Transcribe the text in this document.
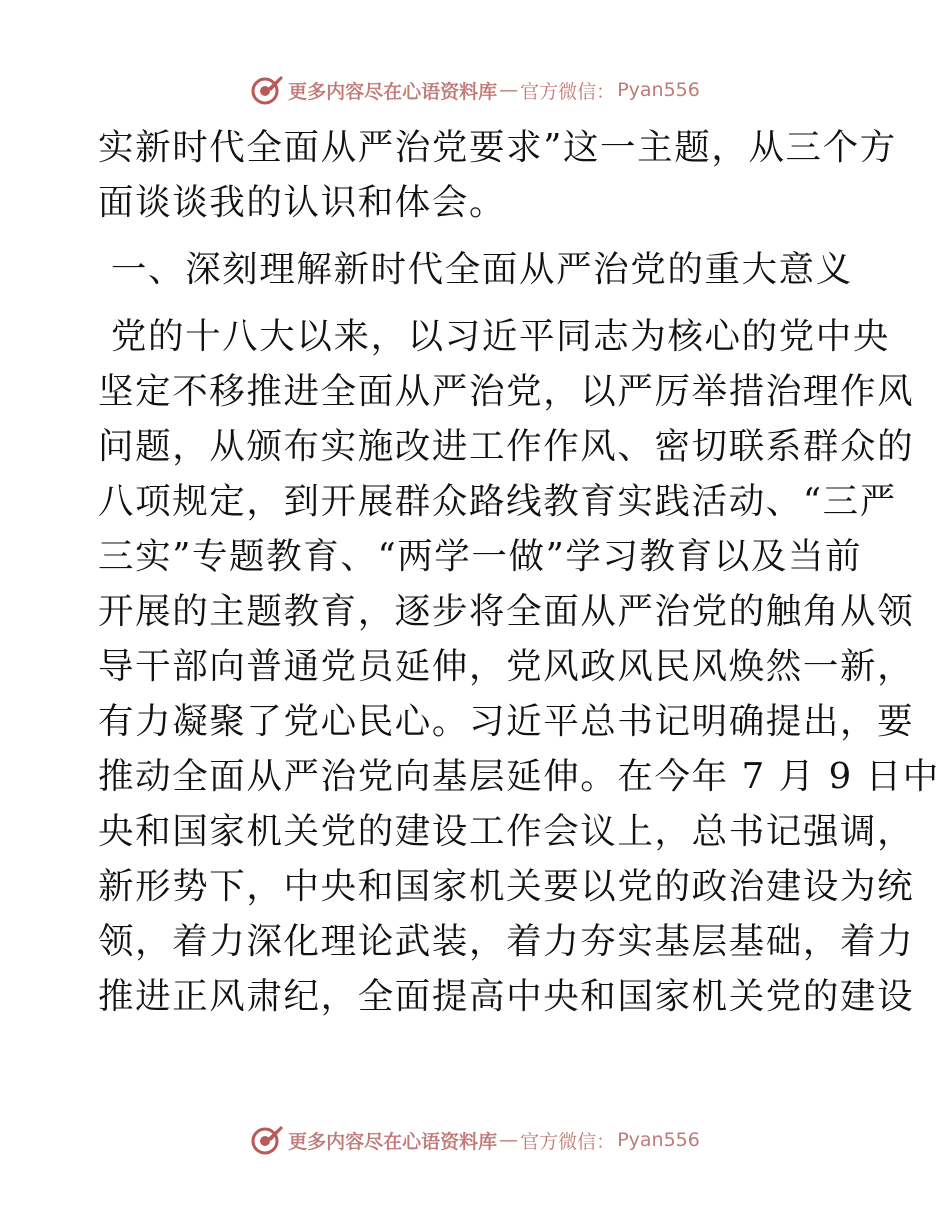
更多内容尽在心语资料库 — 官方微信： Pyan556
实新时代全面从严治党要求”这一主题，从三个方
面谈谈我的认识和体会。
一、深刻理解新时代全面从严治党的重大意义
党的十八大以来，以习近平同志为核心的党中央
坚定不移推进全面从严治党，以严厉举措治理作风
问题，从颁布实施改进工作作风、密切联系群众的
八项规定，到开展群众路线教育实践活动、“三严
三实”专题教育、“两学一做”学习教育以及当前
开展的主题教育，逐步将全面从严治党的触角从领
导干部向普通党员延伸，党风政风民风焕然一新，
有力凝聚了党心民心。习近平总书记明确提出，要
推动全面从严治党向基层延伸。在今年 7 月 9 日中
央和国家机关党的建设工作会议上，总书记强调，
新形势下，中央和国家机关要以党的政治建设为统
领，着力深化理论武装，着力夯实基层基础，着力
推进正风肃纪，全面提高中央和国家机关党的建设
更多内容尽在心语资料库 — 官方微信： Pyan556
